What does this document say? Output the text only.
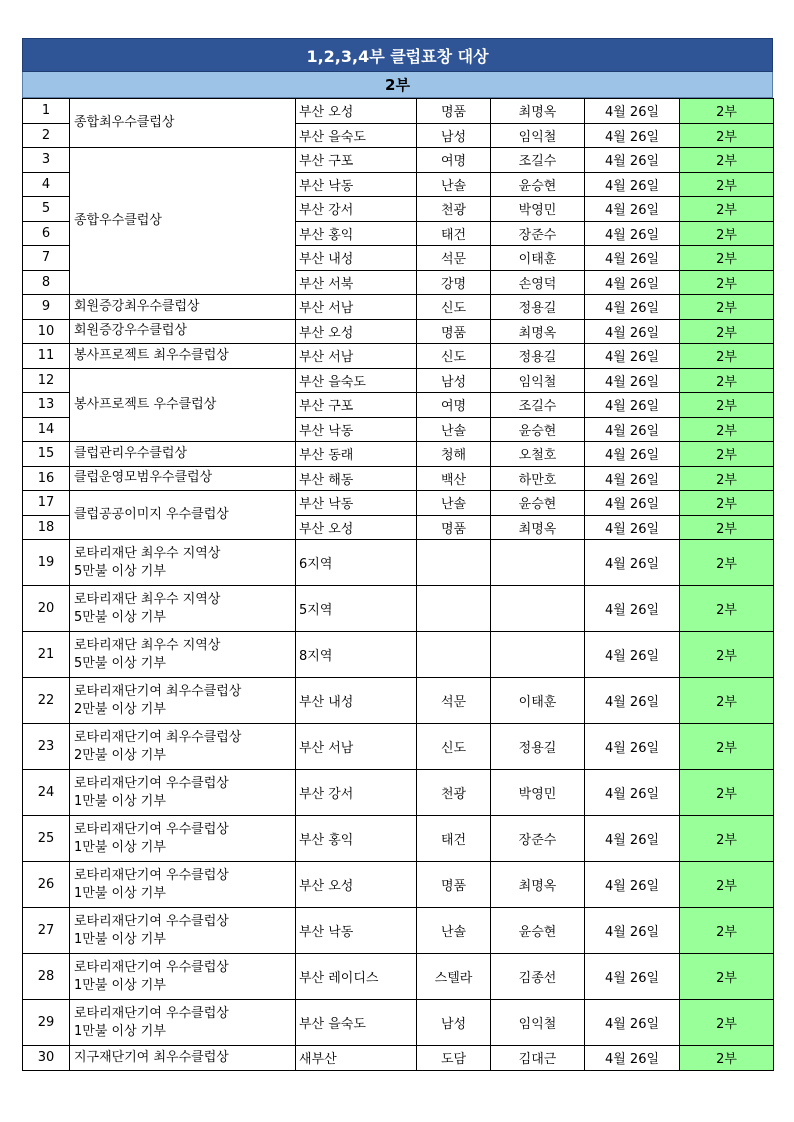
1,2,3,4부 클럽표창 대상
2부
1	종합최우수클럽상	부산 오성	명품	최명옥	4월 26일	2부
2		부산 을숙도	남성	임익철	4월 26일	2부
3	종합우수클럽상	부산 구포	여명	조길수	4월 26일	2부
4		부산 낙동	난솔	윤승현	4월 26일	2부
5		부산 강서	천광	박영민	4월 26일	2부
6		부산 홍익	태건	장준수	4월 26일	2부
7		부산 내성	석문	이태훈	4월 26일	2부
8		부산 서북	강명	손영덕	4월 26일	2부
9	회원증강최우수클럽상	부산 서남	신도	정용길	4월 26일	2부
10	회원증강우수클럽상	부산 오성	명품	최명옥	4월 26일	2부
11	봉사프로젝트 최우수클럽상	부산 서남	신도	정용길	4월 26일	2부
12	봉사프로젝트 우수클럽상	부산 을숙도	남성	임익철	4월 26일	2부
13		부산 구포	여명	조길수	4월 26일	2부
14		부산 낙동	난솔	윤승현	4월 26일	2부
15	클럽관리우수클럽상	부산 동래	청해	오철호	4월 26일	2부
16	클럽운영모범우수클럽상	부산 해동	백산	하만호	4월 26일	2부
17	클럽공공이미지 우수클럽상	부산 낙동	난솔	윤승현	4월 26일	2부
18		부산 오성	명품	최명옥	4월 26일	2부
19	로타리재단 최우수 지역상
5만불 이상 기부	6지역			4월 26일	2부
20	로타리재단 최우수 지역상
5만불 이상 기부	5지역			4월 26일	2부
21	로타리재단 최우수 지역상
5만불 이상 기부	8지역			4월 26일	2부
22	로타리재단기여 최우수클럽상
2만불 이상 기부	부산 내성	석문	이태훈	4월 26일	2부
23	로타리재단기여 최우수클럽상
2만불 이상 기부	부산 서남	신도	정용길	4월 26일	2부
24	로타리재단기여 우수클럽상
1만불 이상 기부	부산 강서	천광	박영민	4월 26일	2부
25	로타리재단기여 우수클럽상
1만불 이상 기부	부산 홍익	태건	장준수	4월 26일	2부
26	로타리재단기여 우수클럽상
1만불 이상 기부	부산 오성	명품	최명옥	4월 26일	2부
27	로타리재단기여 우수클럽상
1만불 이상 기부	부산 낙동	난솔	윤승현	4월 26일	2부
28	로타리재단기여 우수클럽상
1만불 이상 기부	부산 레이디스	스텔라	김종선	4월 26일	2부
29	로타리재단기여 우수클럽상
1만불 이상 기부	부산 을숙도	남성	임익철	4월 26일	2부
30	지구재단기여 최우수클럽상	새부산	도담	김대근	4월 26일	2부
